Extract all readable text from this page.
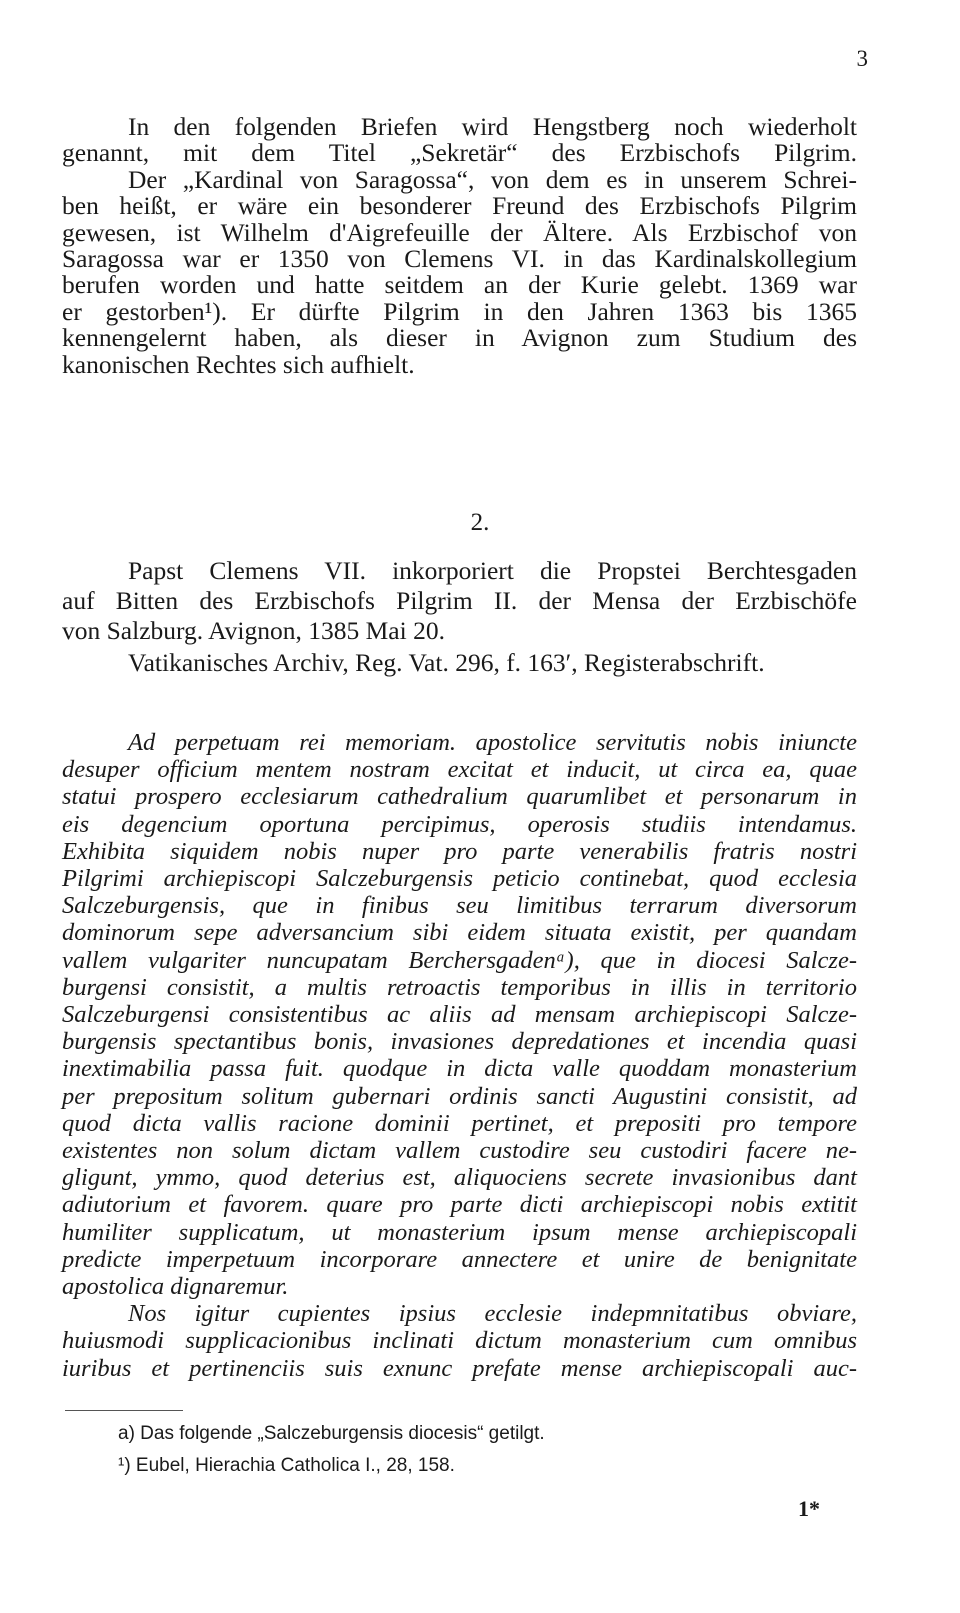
3
In den folgenden Briefen wird Hengstberg noch wiederholt
genannt, mit dem Titel „Sekretär“ des Erzbischofs Pilgrim.
Der „Kardinal von Saragossa“, von dem es in unserem Schrei-
ben heißt, er wäre ein besonderer Freund des Erzbischofs Pilgrim
gewesen, ist Wilhelm d'Aigrefeuille der Ältere. Als Erzbischof von
Saragossa war er 1350 von Clemens VI. in das Kardinalskollegium
berufen worden und hatte seitdem an der Kurie gelebt. 1369 war
er gestorben¹). Er dürfte Pilgrim in den Jahren 1363 bis 1365
kennengelernt haben, als dieser in Avignon zum Studium des
kanonischen Rechtes sich aufhielt.
2.
Papst Clemens VII. inkorporiert die Propstei Berchtesgaden
auf Bitten des Erzbischofs Pilgrim II. der Mensa der Erzbischöfe
von Salzburg. Avignon, 1385 Mai 20.
Vatikanisches Archiv, Reg. Vat. 296, f. 163′, Registerabschrift.
Ad perpetuam rei memoriam. apostolice servitutis nobis iniuncte
desuper officium mentem nostram excitat et inducit, ut circa ea, quae
statui prospero ecclesiarum cathedralium quarumlibet et personarum in
eis degencium oportuna percipimus, operosis studiis intendamus.
Exhibita siquidem nobis nuper pro parte venerabilis fratris nostri
Pilgrimi archiepiscopi Salczeburgensis peticio continebat, quod ecclesia
Salczeburgensis, que in finibus seu limitibus terrarum diversorum
dominorum sepe adversancium sibi eidem situata existit, per quandam
vallem vulgariter nuncupatam Berchersgadenᵃ), que in diocesi Salcze-
burgensi consistit, a multis retroactis temporibus in illis in territorio
Salczeburgensi consistentibus ac aliis ad mensam archiepiscopi Salcze-
burgensis spectantibus bonis, invasiones depredationes et incendia quasi
inextimabilia passa fuit. quodque in dicta valle quoddam monasterium
per prepositum solitum gubernari ordinis sancti Augustini consistit, ad
quod dicta vallis racione dominii pertinet, et prepositi pro tempore
existentes non solum dictam vallem custodire seu custodiri facere ne-
gligunt, ymmo, quod deterius est, aliquociens secrete invasionibus dant
adiutorium et favorem. quare pro parte dicti archiepiscopi nobis extitit
humiliter supplicatum, ut monasterium ipsum mense archiepiscopali
predicte imperpetuum incorporare annectere et unire de benignitate
apostolica dignaremur.
Nos igitur cupientes ipsius ecclesie indepmnitatibus obviare,
huiusmodi supplicacionibus inclinati dictum monasterium cum omnibus
iuribus et pertinenciis suis exnunc prefate mense archiepiscopali auc-
a) Das folgende „Salczeburgensis diocesis“ getilgt.
¹) Eubel, Hierachia Catholica I., 28, 158.
1*
